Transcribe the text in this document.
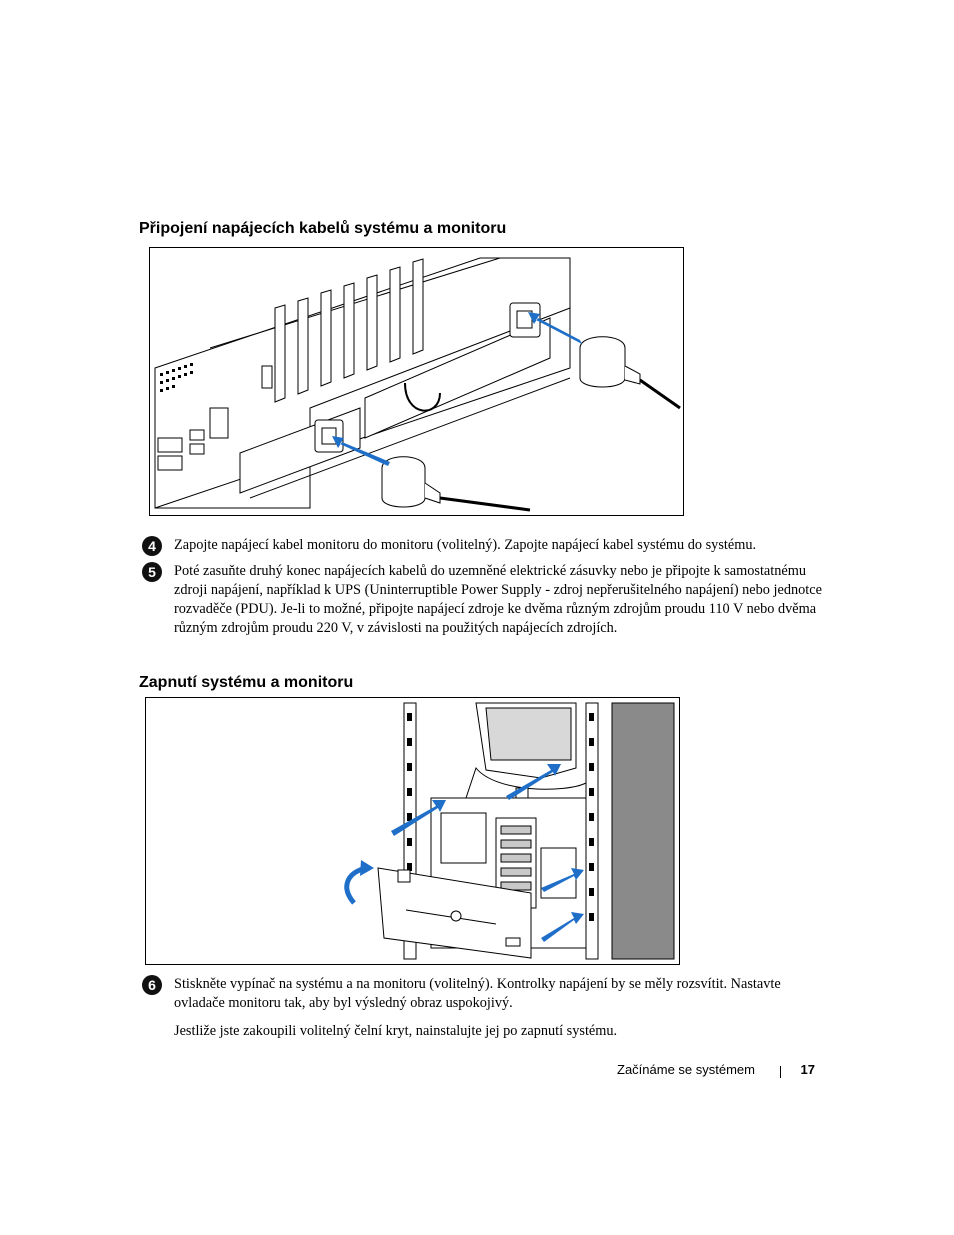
Připojení napájecích kabelů systému a monitoru
4	Zapojte napájecí kabel monitoru do monitoru (volitelný). Zapojte napájecí kabel systému do systému.
5	Poté zasuňte druhý konec napájecích kabelů do uzemněné elektrické zásuvky nebo je připojte k samostatnému zdroji napájení, například k UPS (Uninterruptible Power Supply - zdroj nepřerušitelného napájení) nebo jednotce rozvaděče (PDU). Je-li to možné, připojte napájecí zdroje ke dvěma různým zdrojům proudu 110 V nebo dvěma různým zdrojům proudu 220 V, v závislosti na použitých napájecích zdrojích.
Zapnutí systému a monitoru
6	Stiskněte vypínač na systému a na monitoru (volitelný). Kontrolky napájení by se měly rozsvítit. Nastavte ovladače monitoru tak, aby byl výsledný obraz uspokojivý.

Jestliže jste zakoupili volitelný čelní kryt, nainstalujte jej po zapnutí systému.

Začínáme se systémem	17
